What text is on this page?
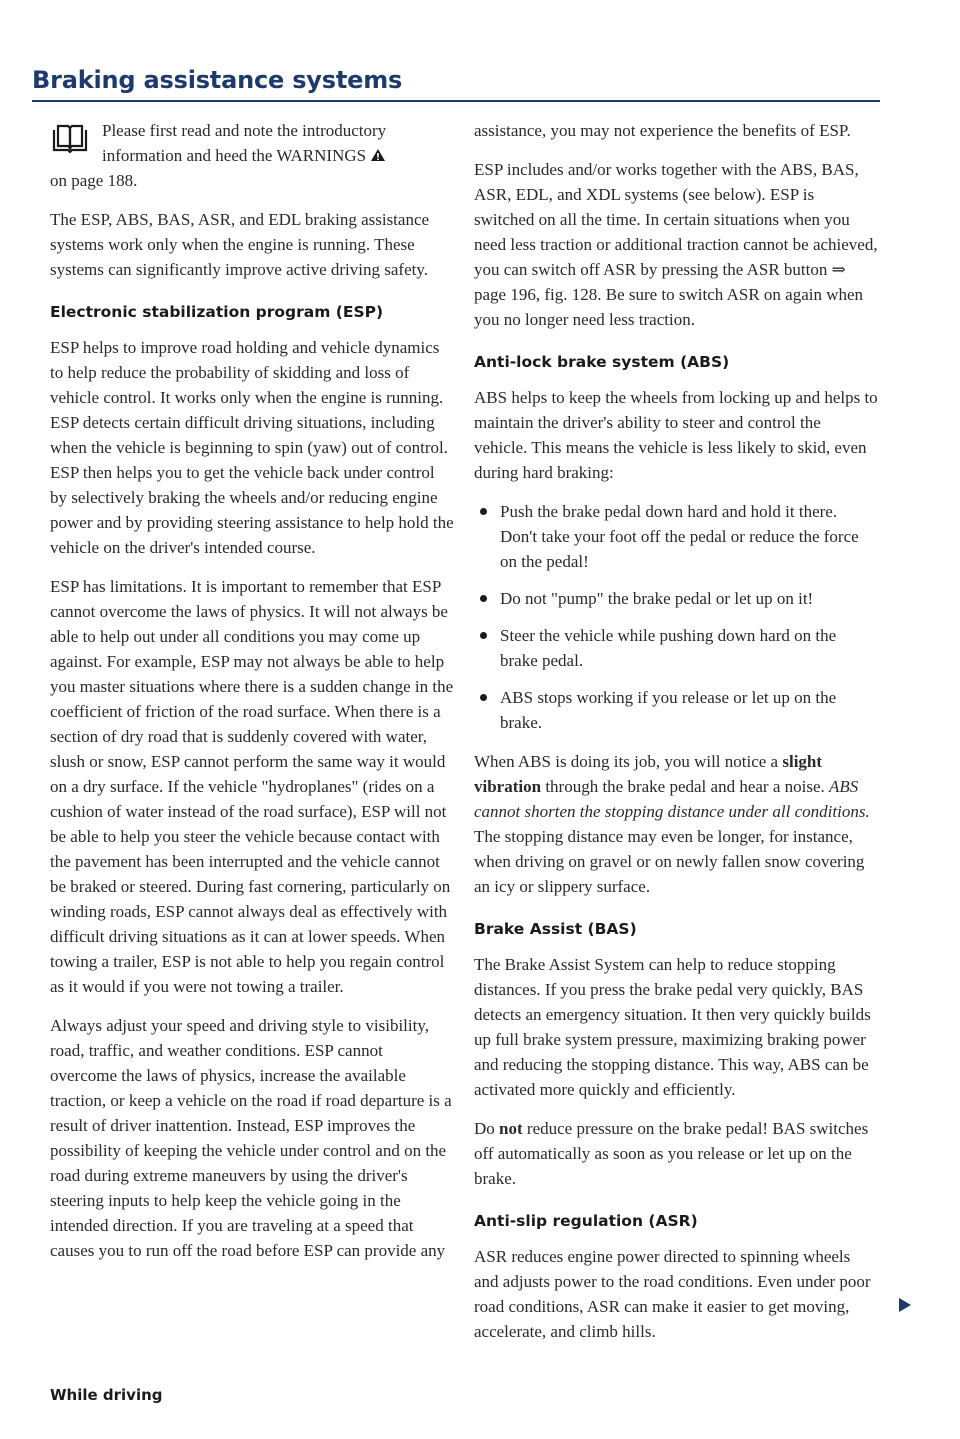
Braking assistance systems

Please first read and note the introductory information and heed the WARNINGS
on page 188.

The ESP, ABS, BAS, ASR, and EDL braking assistance systems work only when the engine is running. These systems can significantly improve active driving safety.

Electronic stabilization program (ESP)

ESP helps to improve road holding and vehicle dynamics to help reduce the probability of skidding and loss of vehicle control. It works only when the engine is running. ESP detects certain difficult driving situations, including when the vehicle is beginning to spin (yaw) out of control. ESP then helps you to get the vehicle back under control by selectively braking the wheels and/or reducing engine power and by providing steering assistance to help hold the vehicle on the driver's intended course.

ESP has limitations. It is important to remember that ESP cannot overcome the laws of physics. It will not always be able to help out under all conditions you may come up against. For example, ESP may not always be able to help you master situations where there is a sudden change in the coefficient of friction of the road surface. When there is a section of dry road that is suddenly covered with water, slush or snow, ESP cannot perform the same way it would on a dry surface. If the vehicle "hydroplanes" (rides on a cushion of water instead of the road surface), ESP will not be able to help you steer the vehicle because contact with the pavement has been interrupted and the vehicle cannot be braked or steered. During fast cornering, particularly on winding roads, ESP cannot always deal as effectively with difficult driving situations as it can at lower speeds. When towing a trailer, ESP is not able to help you regain control as it would if you were not towing a trailer.

Always adjust your speed and driving style to visibility, road, traffic, and weather conditions. ESP cannot overcome the laws of physics, increase the available traction, or keep a vehicle on the road if road departure is a result of driver inattention. Instead, ESP improves the possibility of keeping the vehicle under control and on the road during extreme maneuvers by using the driver's steering inputs to help keep the vehicle going in the intended direction. If you are traveling at a speed that causes you to run off the road before ESP can provide any

assistance, you may not experience the benefits of ESP.

ESP includes and/or works together with the ABS, BAS, ASR, EDL, and XDL systems (see below). ESP is switched on all the time. In certain situations when you need less traction or additional traction cannot be achieved, you can switch off ASR by pressing the ASR button ⇒ page 196, fig. 128. Be sure to switch ASR on again when you no longer need less traction.

Anti-lock brake system (ABS)

ABS helps to keep the wheels from locking up and helps to maintain the driver's ability to steer and control the vehicle. This means the vehicle is less likely to skid, even during hard braking:

Push the brake pedal down hard and hold it there. Don't take your foot off the pedal or reduce the force on the pedal!
Do not "pump" the brake pedal or let up on it!
Steer the vehicle while pushing down hard on the brake pedal.
ABS stops working if you release or let up on the brake.

When ABS is doing its job, you will notice a slight vibration through the brake pedal and hear a noise. ABS cannot shorten the stopping distance under all conditions. The stopping distance may even be longer, for instance, when driving on gravel or on newly fallen snow covering an icy or slippery surface.

Brake Assist (BAS)

The Brake Assist System can help to reduce stopping distances. If you press the brake pedal very quickly, BAS detects an emergency situation. It then very quickly builds up full brake system pressure, maximizing braking power and reducing the stopping distance. This way, ABS can be activated more quickly and efficiently.

Do not reduce pressure on the brake pedal! BAS switches off automatically as soon as you release or let up on the brake.

Anti-slip regulation (ASR)

ASR reduces engine power directed to spinning wheels and adjusts power to the road conditions. Even under poor road conditions, ASR can make it easier to get moving, accelerate, and climb hills.

While driving
